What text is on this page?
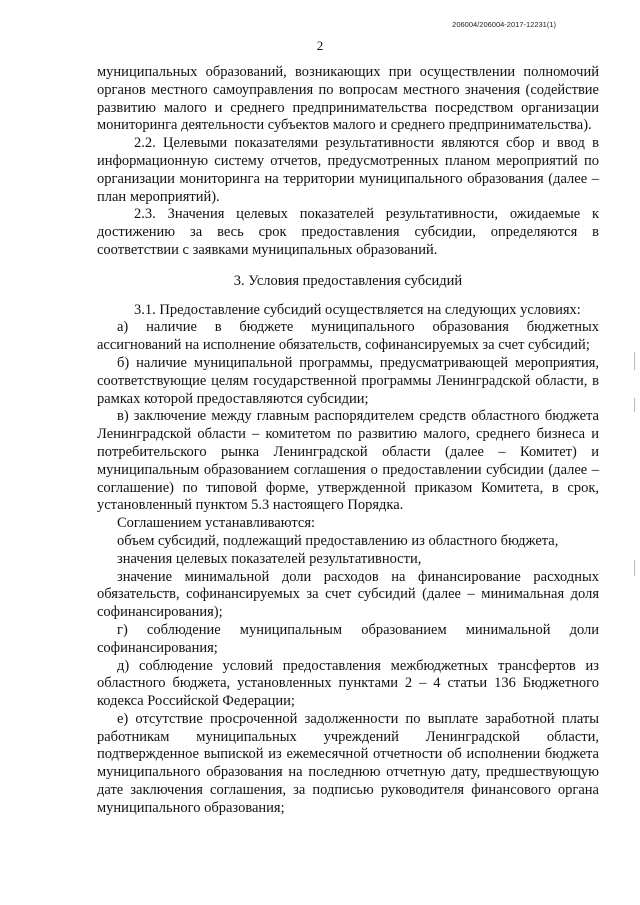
206004/206004-2017-12231(1)
2

муниципальных образований, возникающих при осуществлении полномочий органов местного самоуправления по вопросам местного значения (содействие развитию малого и среднего предпринимательства посредством организации мониторинга деятельности субъектов малого и среднего предпринимательства).

2.2. Целевыми показателями результативности являются сбор и ввод в информационную систему отчетов, предусмотренных планом мероприятий по организации мониторинга на территории муниципального образования (далее – план мероприятий).

2.3. Значения целевых показателей результативности, ожидаемые к достижению за весь срок предоставления субсидии, определяются в соответствии с заявками муниципальных образований.

3. Условия предоставления субсидий

3.1. Предоставление субсидий осуществляется на следующих условиях:

а) наличие в бюджете муниципального образования бюджетных ассигнований на исполнение обязательств, софинансируемых за счет субсидий;

б) наличие муниципальной программы, предусматривающей мероприятия, соответствующие целям государственной программы Ленинградской области, в рамках которой предоставляются субсидии;

в) заключение между главным распорядителем средств областного бюджета Ленинградской области – комитетом по развитию малого, среднего бизнеса и потребительского рынка Ленинградской области (далее – Комитет) и муниципальным образованием соглашения о предоставлении субсидии (далее – соглашение) по типовой форме, утвержденной приказом Комитета, в срок, установленный пунктом 5.3 настоящего Порядка.

Соглашением устанавливаются:

объем субсидий, подлежащий предоставлению из областного бюджета,

значения целевых показателей результативности,

значение минимальной доли расходов на финансирование расходных обязательств, софинансируемых за счет субсидий (далее – минимальная доля софинансирования);

г) соблюдение муниципальным образованием минимальной доли софинансирования;

д) соблюдение условий предоставления межбюджетных трансфертов из областного бюджета, установленных пунктами 2 – 4 статьи 136 Бюджетного кодекса Российской Федерации;

е) отсутствие просроченной задолженности по выплате заработной платы работникам муниципальных учреждений Ленинградской области, подтвержденное выпиской из ежемесячной отчетности об исполнении бюджета муниципального образования на последнюю отчетную дату, предшествующую дате заключения соглашения, за подписью руководителя финансового органа муниципального образования;
